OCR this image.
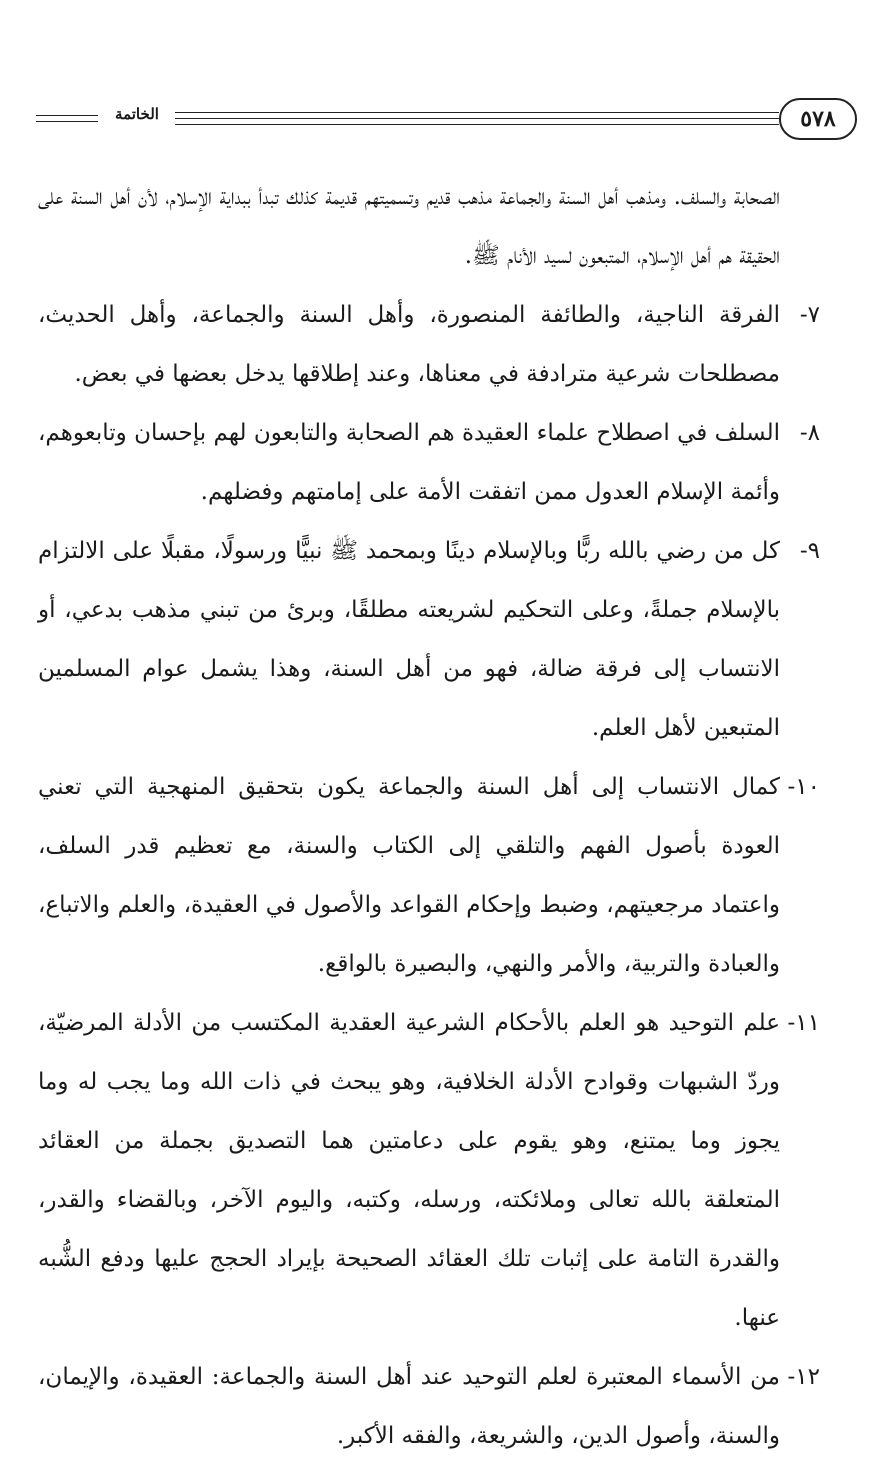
٥٧٨
الخاتمة

الصحابة والسلف. ومذهب أهل السنة والجماعة مذهب قديم وتسميتهم قديمة كذلك تبدأ ببداية الإسلام، لأن أهل السنة على الحقيقة هم أهل الإسلام، المتبعون لسيد الأنام ﷺ.

٧-
الفرقة الناجية، والطائفة المنصورة، وأهل السنة والجماعة، وأهل الحديث، مصطلحات شرعية مترادفة في معناها، وعند إطلاقها يدخل بعضها في بعض.
٨-
السلف في اصطلاح علماء العقيدة هم الصحابة والتابعون لهم بإحسان وتابعوهم، وأئمة الإسلام العدول ممن اتفقت الأمة على إمامتهم وفضلهم.
٩-
كل من رضي بالله ربًّا وبالإسلام دينًا وبمحمد ﷺ نبيًّا ورسولًا، مقبلًا على الالتزام بالإسلام جملةً، وعلى التحكيم لشريعته مطلقًا، وبرئ من تبني مذهب بدعي، أو الانتساب إلى فرقة ضالة، فهو من أهل السنة، وهذا يشمل عوام المسلمين المتبعين لأهل العلم.
١٠-
كمال الانتساب إلى أهل السنة والجماعة يكون بتحقيق المنهجية التي تعني العودة بأصول الفهم والتلقي إلى الكتاب والسنة، مع تعظيم قدر السلف، واعتماد مرجعيتهم، وضبط وإحكام القواعد والأصول في العقيدة، والعلم والاتباع، والعبادة والتربية، والأمر والنهي، والبصيرة بالواقع.
١١-
علم التوحيد هو العلم بالأحكام الشرعية العقدية المكتسب من الأدلة المرضيّة، وردّ الشبهات وقوادح الأدلة الخلافية، وهو يبحث في ذات الله وما يجب له وما يجوز وما يمتنع، وهو يقوم على دعامتين هما التصديق بجملة من العقائد المتعلقة بالله تعالى وملائكته، ورسله، وكتبه، واليوم الآخر، وبالقضاء والقدر، والقدرة التامة على إثبات تلك العقائد الصحيحة بإيراد الحجج عليها ودفع الشُّبه عنها.
١٢-
من الأسماء المعتبرة لعلم التوحيد عند أهل السنة والجماعة: العقيدة، والإيمان، والسنة، وأصول الدين، والشريعة، والفقه الأكبر.
